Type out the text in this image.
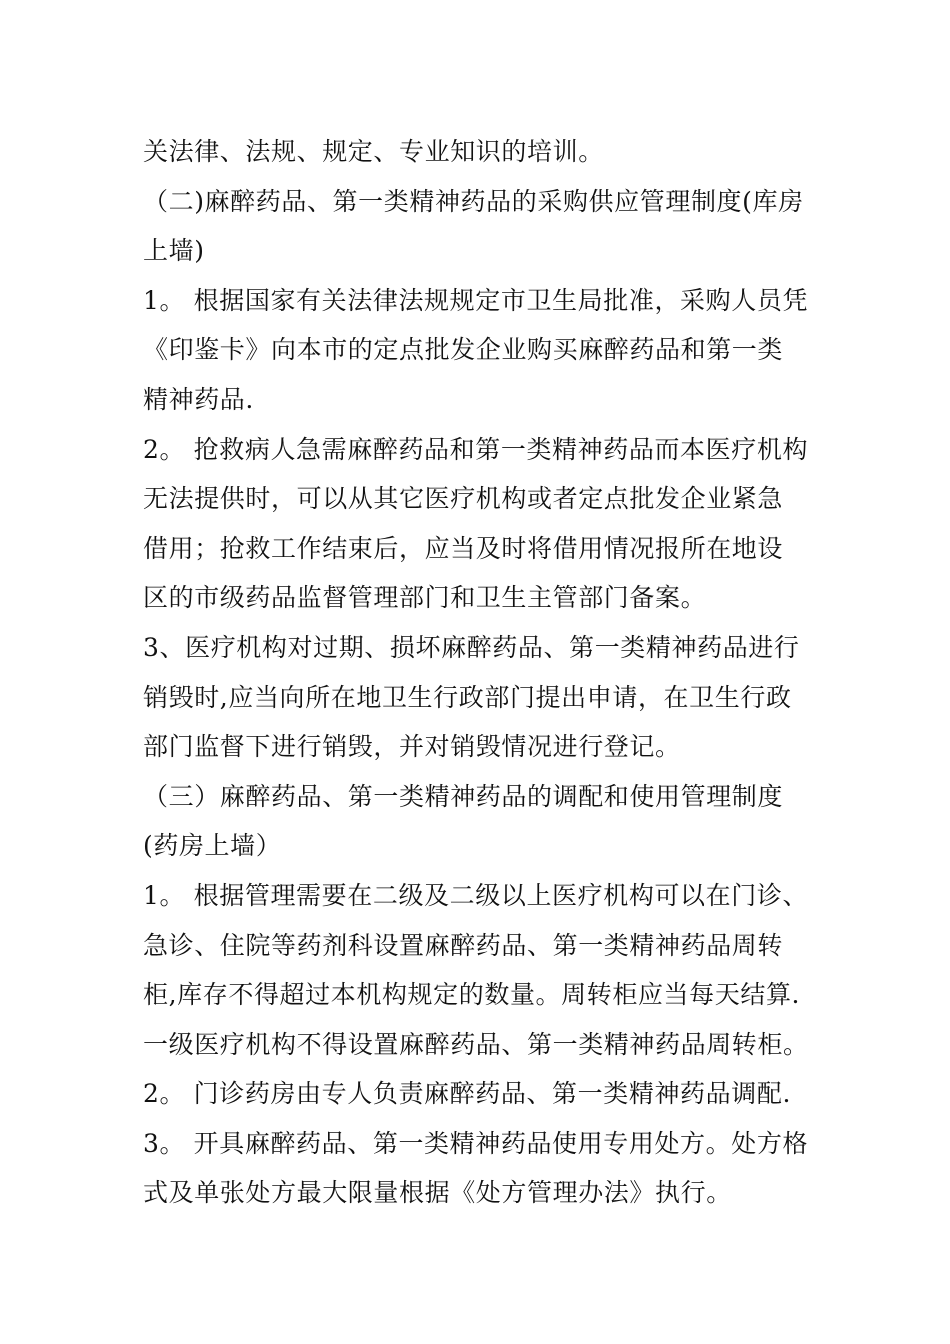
关法律、法规、规定、专业知识的培训。
（二)麻醉药品、第一类精神药品的采购供应管理制度(库房
上墙)
1。 根据国家有关法律法规规定市卫生局批准，采购人员凭
《印鉴卡》向本市的定点批发企业购买麻醉药品和第一类
精神药品.
2。 抢救病人急需麻醉药品和第一类精神药品而本医疗机构
无法提供时，可以从其它医疗机构或者定点批发企业紧急
借用；抢救工作结束后，应当及时将借用情况报所在地设
区的市级药品监督管理部门和卫生主管部门备案。
3、医疗机构对过期、损坏麻醉药品、第一类精神药品进行
销毁时,应当向所在地卫生行政部门提出申请，在卫生行政
部门监督下进行销毁，并对销毁情况进行登记。
（三）麻醉药品、第一类精神药品的调配和使用管理制度
(药房上墙）
1。 根据管理需要在二级及二级以上医疗机构可以在门诊、
急诊、住院等药剂科设置麻醉药品、第一类精神药品周转
柜,库存不得超过本机构规定的数量。周转柜应当每天结算.
一级医疗机构不得设置麻醉药品、第一类精神药品周转柜。
2。 门诊药房由专人负责麻醉药品、第一类精神药品调配.
3。 开具麻醉药品、第一类精神药品使用专用处方。处方格
式及单张处方最大限量根据《处方管理办法》执行。
